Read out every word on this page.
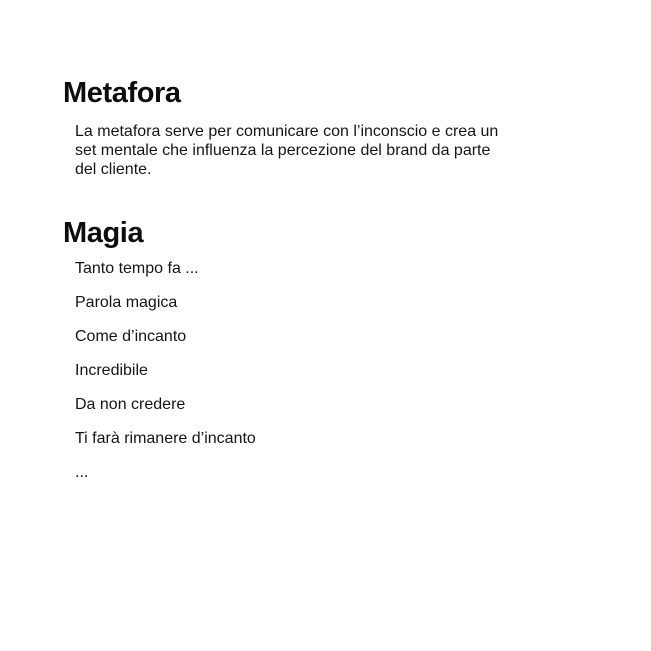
Metafora
La metafora serve per comunicare con l’inconscio e crea un
set mentale che influenza la percezione del brand da parte
del cliente.
Magia
Tanto tempo fa ...
Parola magica
Come d’incanto
Incredibile
Da non credere
Ti farà rimanere d’incanto
...
